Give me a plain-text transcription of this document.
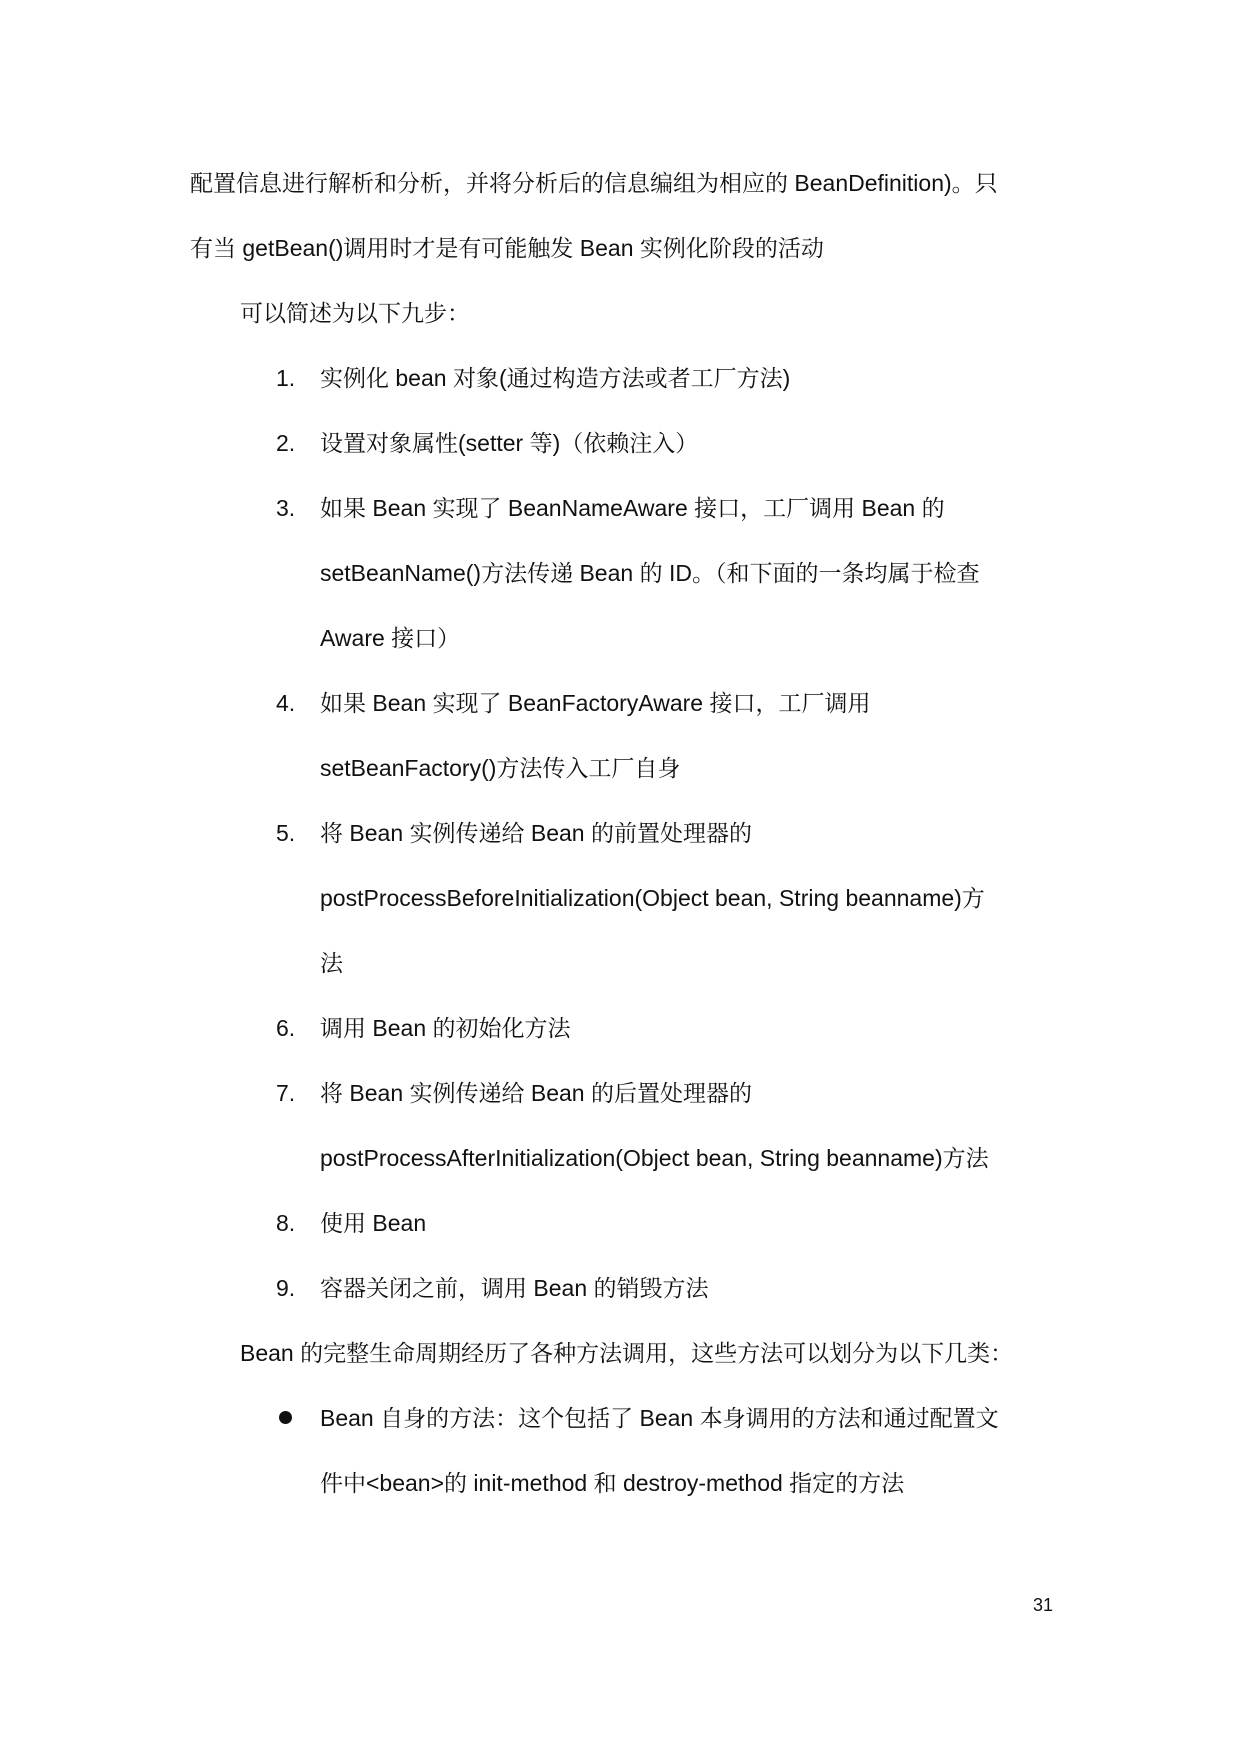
配置信息进行解析和分析，并将分析后的信息编组为相应的 BeanDefinition)。只
有当 getBean()调用时才是有可能触发 Bean 实例化阶段的活动
可以简述为以下九步：
1. 实例化 bean 对象(通过构造方法或者工厂方法)
2. 设置对象属性(setter 等)（依赖注入）
3. 如果 Bean 实现了 BeanNameAware 接口，工厂调用 Bean 的
setBeanName()方法传递 Bean 的 ID。（和下面的一条均属于检查
Aware 接口）
4. 如果 Bean 实现了 BeanFactoryAware 接口，工厂调用
setBeanFactory()方法传入工厂自身
5. 将 Bean 实例传递给 Bean 的前置处理器的
postProcessBeforeInitialization(Object bean, String beanname)方
法
6. 调用 Bean 的初始化方法
7. 将 Bean 实例传递给 Bean 的后置处理器的
postProcessAfterInitialization(Object bean, String beanname)方法
8. 使用 Bean
9. 容器关闭之前，调用 Bean 的销毁方法
Bean 的完整生命周期经历了各种方法调用，这些方法可以划分为以下几类：
Bean 自身的方法：这个包括了 Bean 本身调用的方法和通过配置文
件中<bean>的 init-method 和 destroy-method 指定的方法
31
